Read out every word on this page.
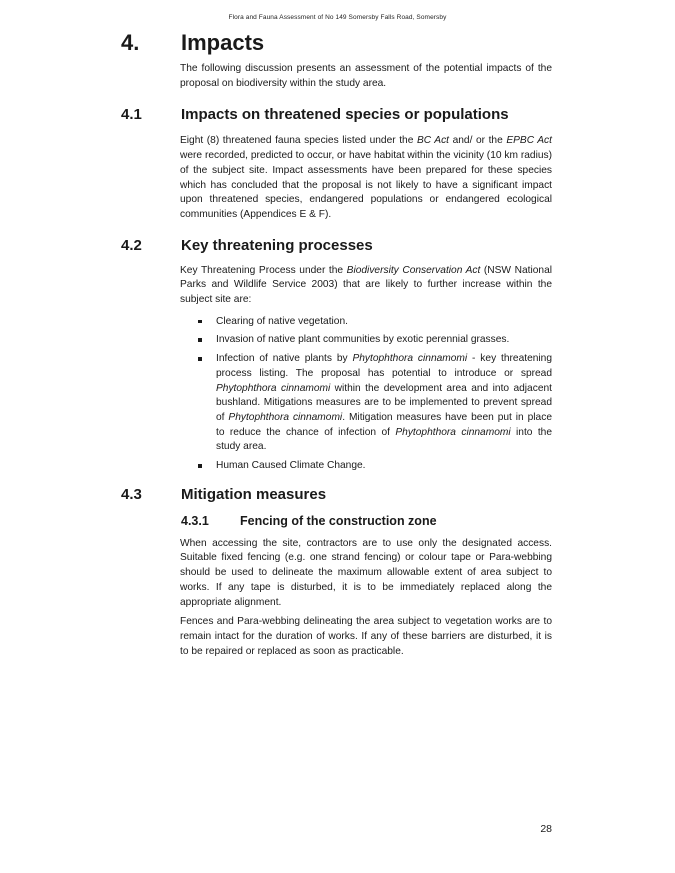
Flora and Fauna Assessment of No 149 Somersby Falls Road, Somersby
4. Impacts

The following discussion presents an assessment of the potential impacts of the proposal on biodiversity within the study area.

4.1	Impacts on threatened species or populations

Eight (8) threatened fauna species listed under the BC Act and/ or the EPBC Act were recorded, predicted to occur, or have habitat within the vicinity (10 km radius) of the subject site. Impact assessments have been prepared for these species which has concluded that the proposal is not likely to have a significant impact upon threatened species, endangered populations or endangered ecological communities (Appendices E & F).

4.2	Key threatening processes

Key Threatening Process under the Biodiversity Conservation Act (NSW National Parks and Wildlife Service 2003) that are likely to further increase within the subject site are:

Clearing of native vegetation.
Invasion of native plant communities by exotic perennial grasses.
Infection of native plants by Phytophthora cinnamomi - key threatening process listing. The proposal has potential to introduce or spread Phytophthora cinnamomi within the development area and into adjacent bushland. Mitigations measures are to be implemented to prevent spread of Phytophthora cinnamomi. Mitigation measures have been put in place to reduce the chance of infection of Phytophthora cinnamomi into the study area.
Human Caused Climate Change.
4.3	Mitigation measures
4.3.1 Fencing of the construction zone

When accessing the site, contractors are to use only the designated access. Suitable fixed fencing (e.g. one strand fencing) or colour tape or Para-webbing should be used to delineate the maximum allowable extent of area subject to works. If any tape is disturbed, it is to be immediately replaced along the appropriate alignment.

Fences and Para-webbing delineating the area subject to vegetation works are to remain intact for the duration of works. If any of these barriers are disturbed, it is to be repaired or replaced as soon as practicable.

28
